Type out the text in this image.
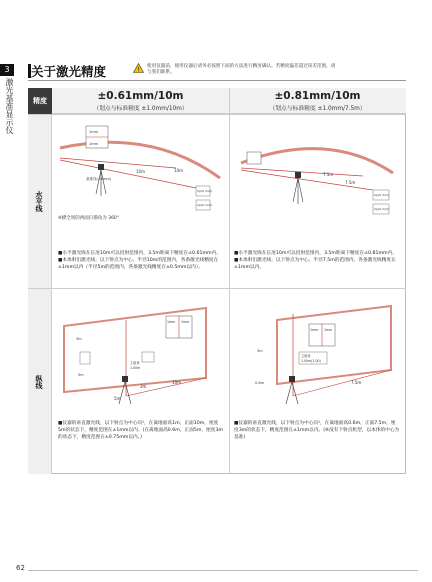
3
激光基准显示仪
关于激光精度	!
使用仪器前，使用仪器后请务必按照下面的方法进行精度确认。若精度偏差超过误差范围，请与我们联系。
精度	±0.61mm/10m
（划点与标准精度 ±1.0mm/10m）
±0.81mm/10m
（划点与标准精度 ±1.0mm/7.5m）
水平线
纵线
1mm
1mm
基准线(±1mm)
10m	10m
Cp(0 mm)
Cp(0 mm)
※横全周的两面扫描角为 360°
7.5m
7.5m
Cp(0 mm)
Cp(0 mm)
■水平激光线在长度10m可以投射范围内，3.5m距离下精度在±0.61mm内。
■本体射出激光线，以下射点为中心，半径10m的范围内，各条激光线精度在±1mm以内（半径5m的范围内，各条激光线精度在±0.5mm以内）。
■水平激光线在长度10m可以投射范围内，3.5m距离下精度在±0.81mm内。
■本体射出激光线，以下射点为中心，半径7.5m的范围内，各条激光线精度在±1mm以内。
1mm 1mm
3m
5m
10m
3m
5m
主射角
1.00m
1mm 1mm
3m
0.6m	7.5m
主射角
1.00m(1.00)
■仪器的垂直激光线，以下射点为中心向¹，在离地面高1m，正面10m，厘度5m的状态下，精度范围在±1mm以内。(在离地面高0.6m，正面5m，厘度3m的状态下，精度范围在±0.75mm以内。)
■仪器的垂直激光线，以下射点为中心向¹，在离地面高0.6m，正面7.5m，厘度3m的状态下，精度范围在±1mm以内。(※没有下射点机型，以本体的中心为基准)
62
